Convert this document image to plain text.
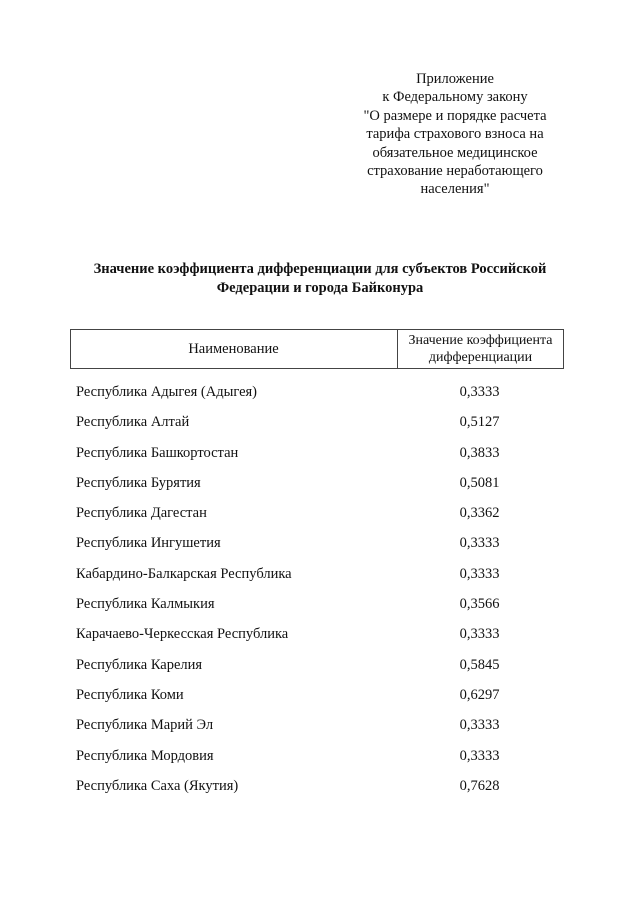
Приложение
к Федеральному закону
"О размере и порядке расчета
тарифа страхового взноса на
обязательное медицинское
страхование неработающего
населения"
Значение коэффициента дифференциации для субъектов Российской
Федерации и города Байконура
Наименование	Значение коэффициента
дифференциации
Республика Адыгея (Адыгея)	0,3333
Республика Алтай	0,5127
Республика Башкортостан	0,3833
Республика Бурятия	0,5081
Республика Дагестан	0,3362
Республика Ингушетия	0,3333
Кабардино-Балкарская Республика	0,3333
Республика Калмыкия	0,3566
Карачаево-Черкесская Республика	0,3333
Республика Карелия	0,5845
Республика Коми	0,6297
Республика Марий Эл	0,3333
Республика Мордовия	0,3333
Республика Саха (Якутия)	0,7628
